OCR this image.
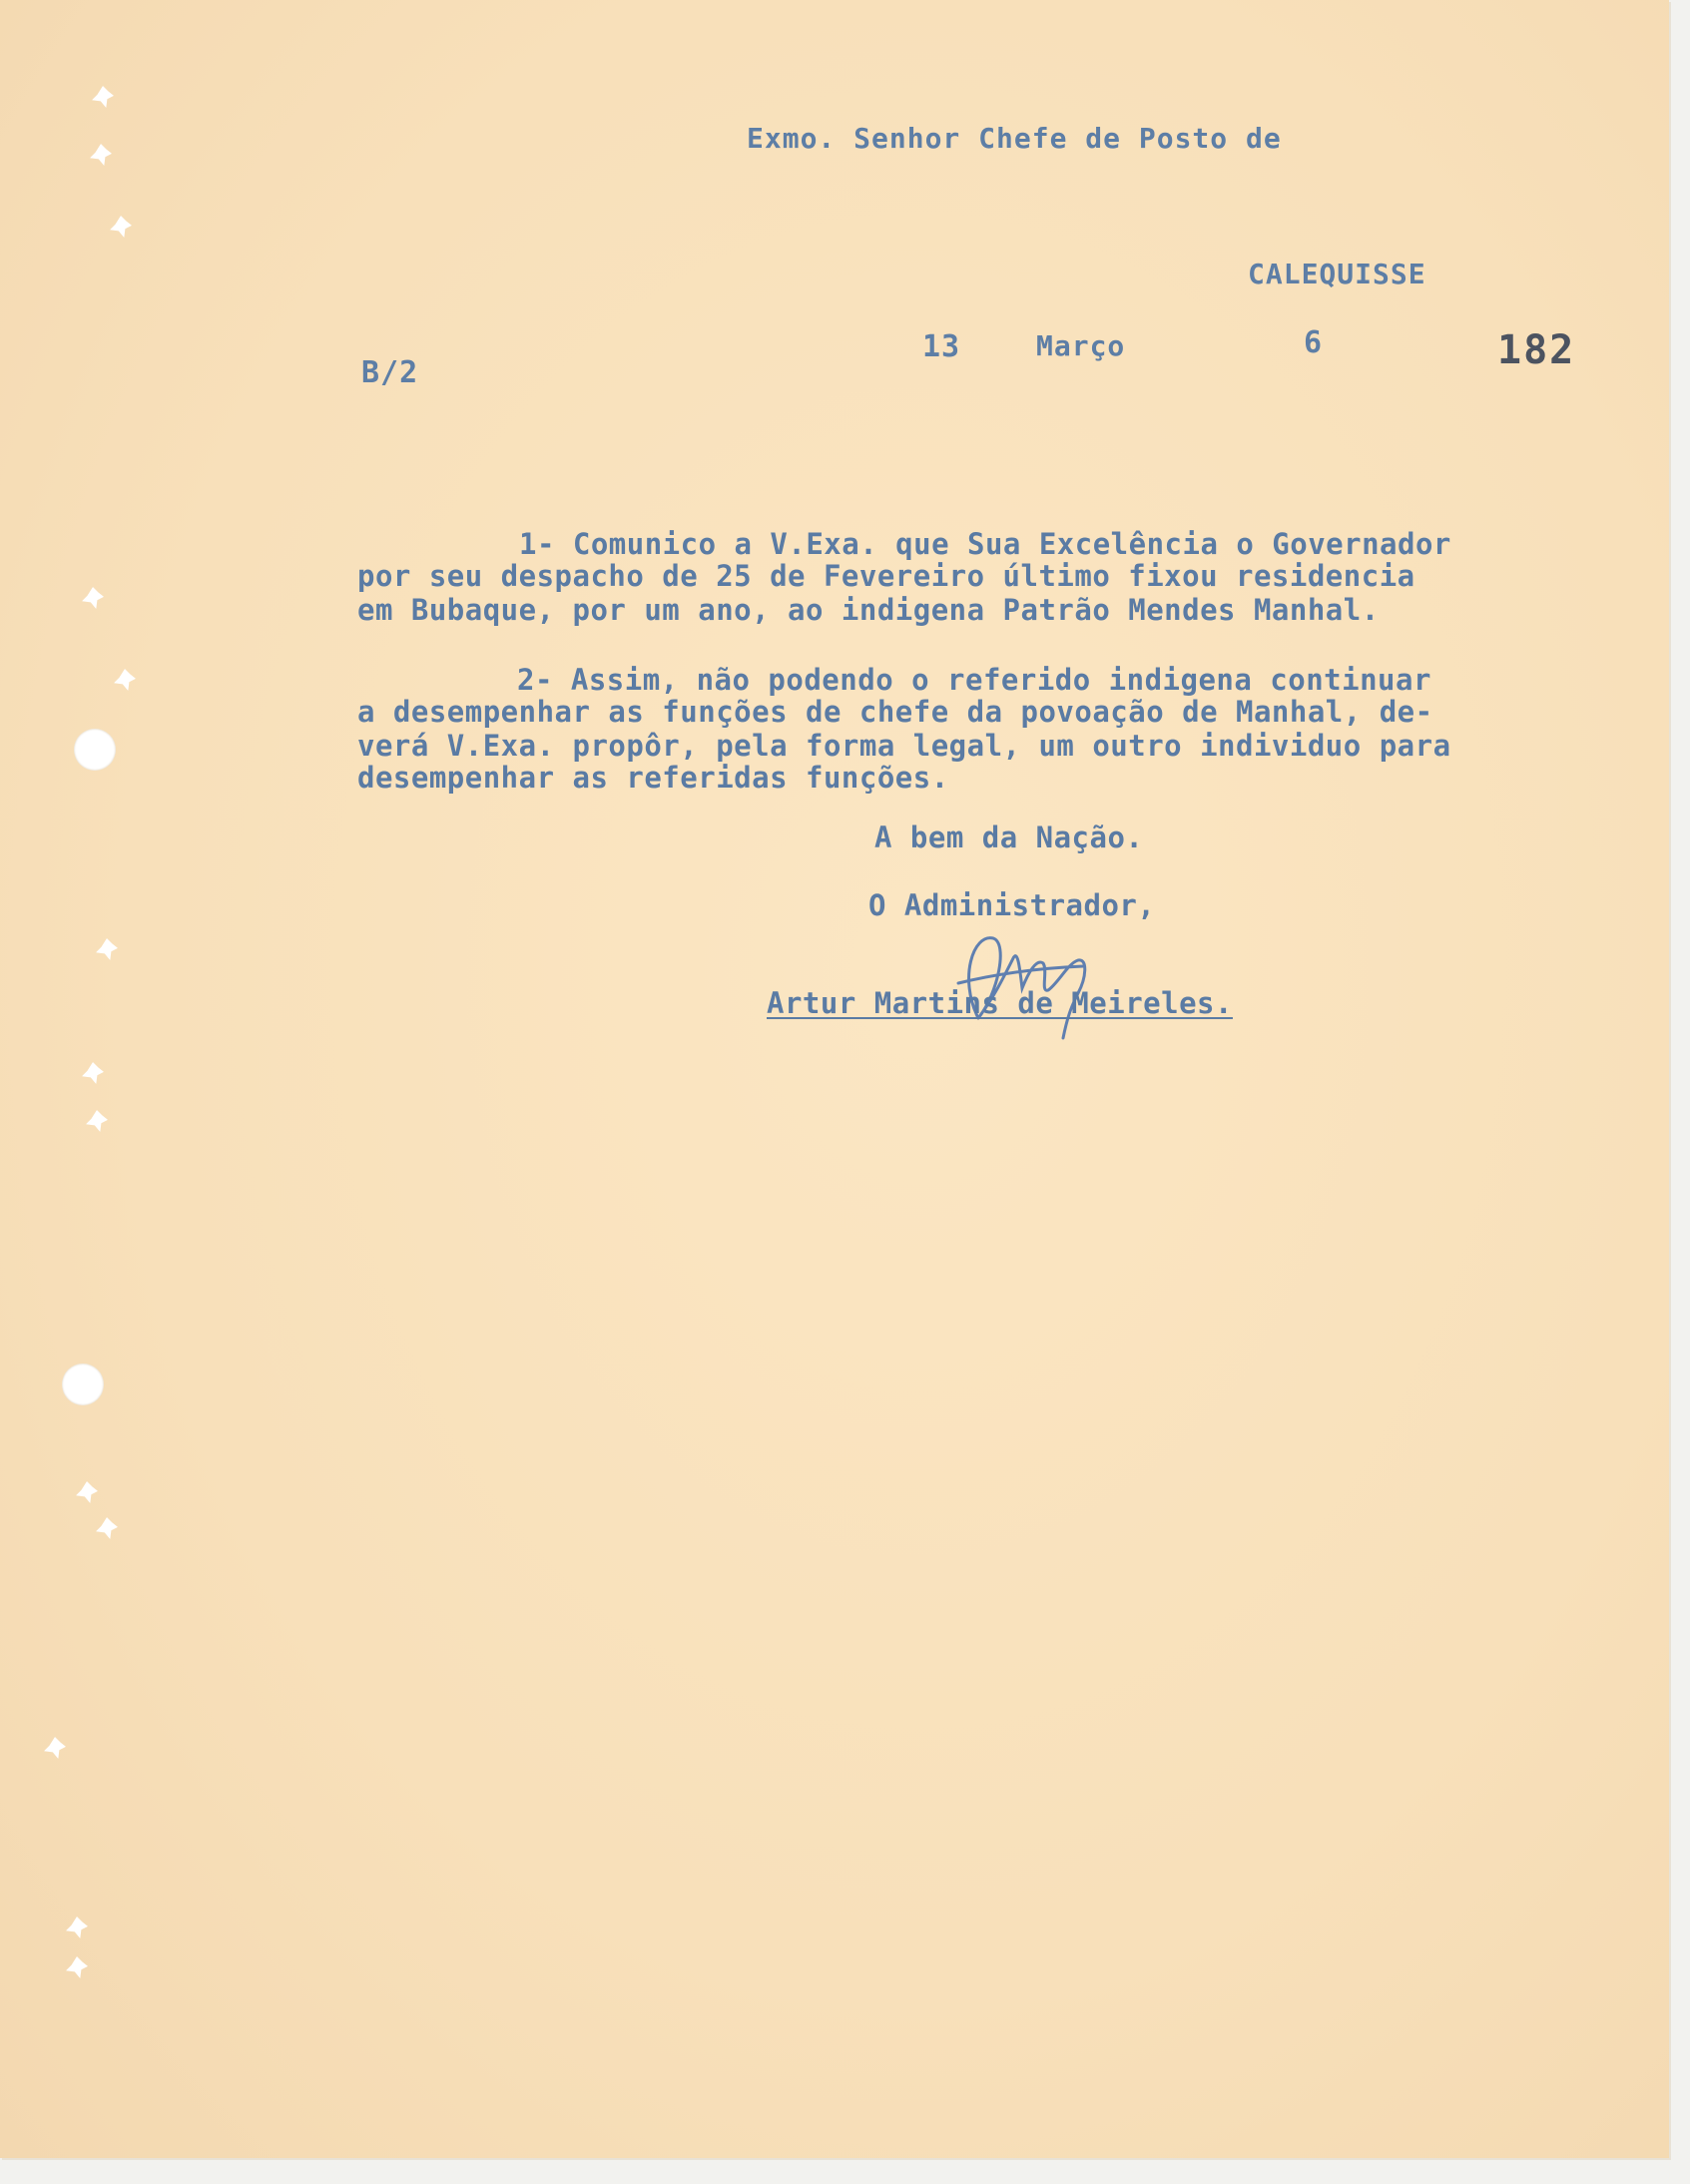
Exmo. Senhor Chefe de Posto de
CALEQUISSE
B/2
13	Março	6	182
1- Comunico a V.Exa. que Sua Excelência o Governador
por seu despacho de 25 de Fevereiro último fixou residencia
em Bubaque, por um ano, ao indigena Patrão Mendes Manhal.
2- Assim, não podendo o referido indigena continuar
a desempenhar as funções de chefe da povoação de Manhal, de-
verá V.Exa. propôr, pela forma legal, um outro individuo para
desempenhar as referidas funções.
A bem da Nação.
O Administrador,
Artur Martins de Meireles.
